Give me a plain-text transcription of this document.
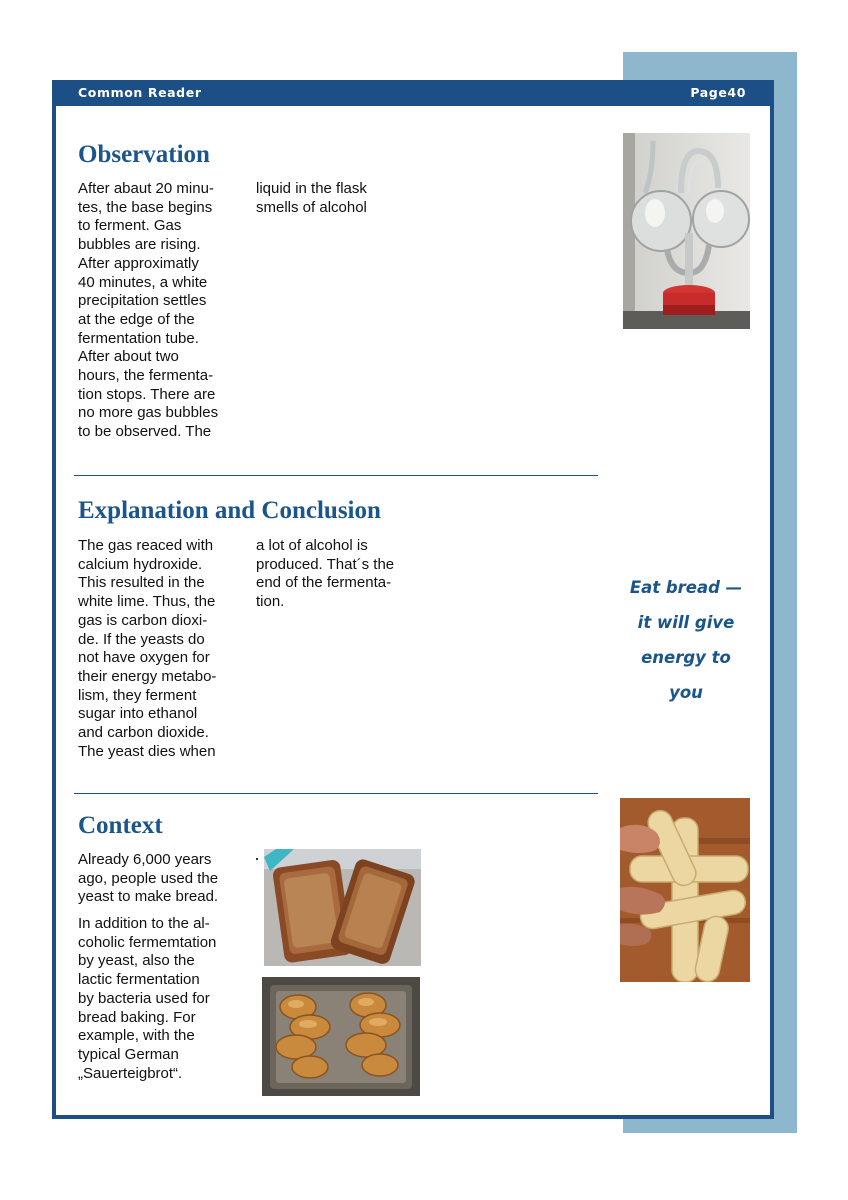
Common Reader	Page40
Observation
After abaut 20 minu-
tes, the base begins
to ferment. Gas
bubbles are rising.
After approximatly
40 minutes, a white
precipitation settles
at the edge of the
fermentation tube.
After about two
hours, the fermenta-
tion stops. There are
no more gas bubbles
to be observed. The
liquid in the flask
smells of alcohol
Explanation and Conclusion
The gas reaced with
calcium hydroxide.
This resulted in the
white lime. Thus, the
gas is carbon dioxi-
de. If the yeasts do
not have oxygen for
their energy metabo-
lism, they ferment
sugar into ethanol
and carbon dioxide.
The yeast dies when
a lot of alcohol is
produced. That´s the
end of the fermenta-
tion.
Eat bread —
it will give
energy to
you
Context
Already 6,000 years
ago, people used the
yeast to make bread.
In addition to the al-
coholic fermemtation
by yeast, also the
lactic fermentation
by bacteria used for
bread baking. For
example, with the
typical German
„Sauerteigbrot“.
